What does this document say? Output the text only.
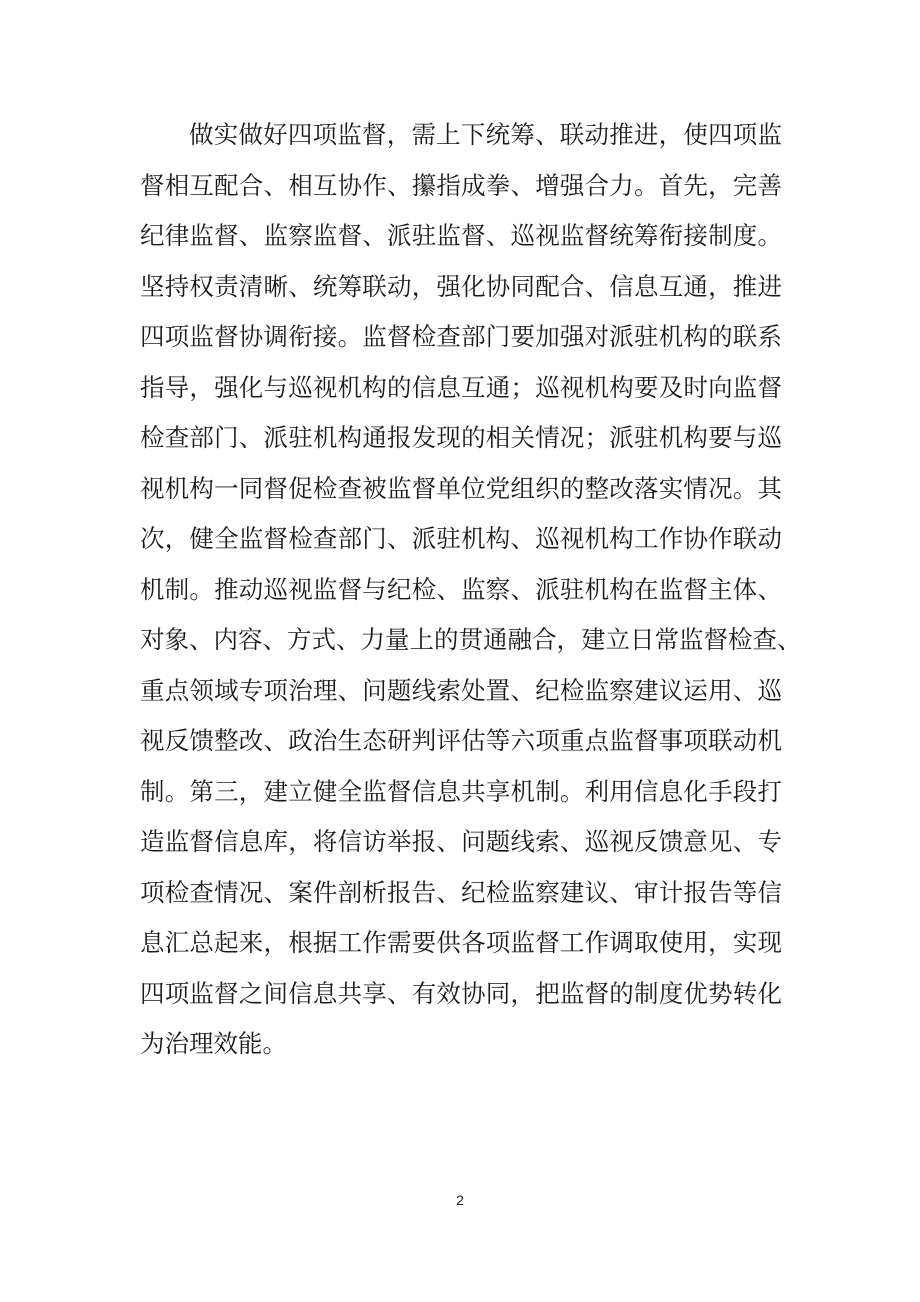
做实做好四项监督，需上下统筹、联动推进，使四项监
督相互配合、相互协作、攥指成拳、增强合力。首先，完善
纪律监督、监察监督、派驻监督、巡视监督统筹衔接制度。
坚持权责清晰、统筹联动，强化协同配合、信息互通，推进
四项监督协调衔接。监督检查部门要加强对派驻机构的联系
指导，强化与巡视机构的信息互通；巡视机构要及时向监督
检查部门、派驻机构通报发现的相关情况；派驻机构要与巡
视机构一同督促检查被监督单位党组织的整改落实情况。其
次，健全监督检查部门、派驻机构、巡视机构工作协作联动
机制。推动巡视监督与纪检、监察、派驻机构在监督主体、
对象、内容、方式、力量上的贯通融合，建立日常监督检查、
重点领域专项治理、问题线索处置、纪检监察建议运用、巡
视反馈整改、政治生态研判评估等六项重点监督事项联动机
制。第三，建立健全监督信息共享机制。利用信息化手段打
造监督信息库，将信访举报、问题线索、巡视反馈意见、专
项检查情况、案件剖析报告、纪检监察建议、审计报告等信
息汇总起来，根据工作需要供各项监督工作调取使用，实现
四项监督之间信息共享、有效协同，把监督的制度优势转化
为治理效能。
2
